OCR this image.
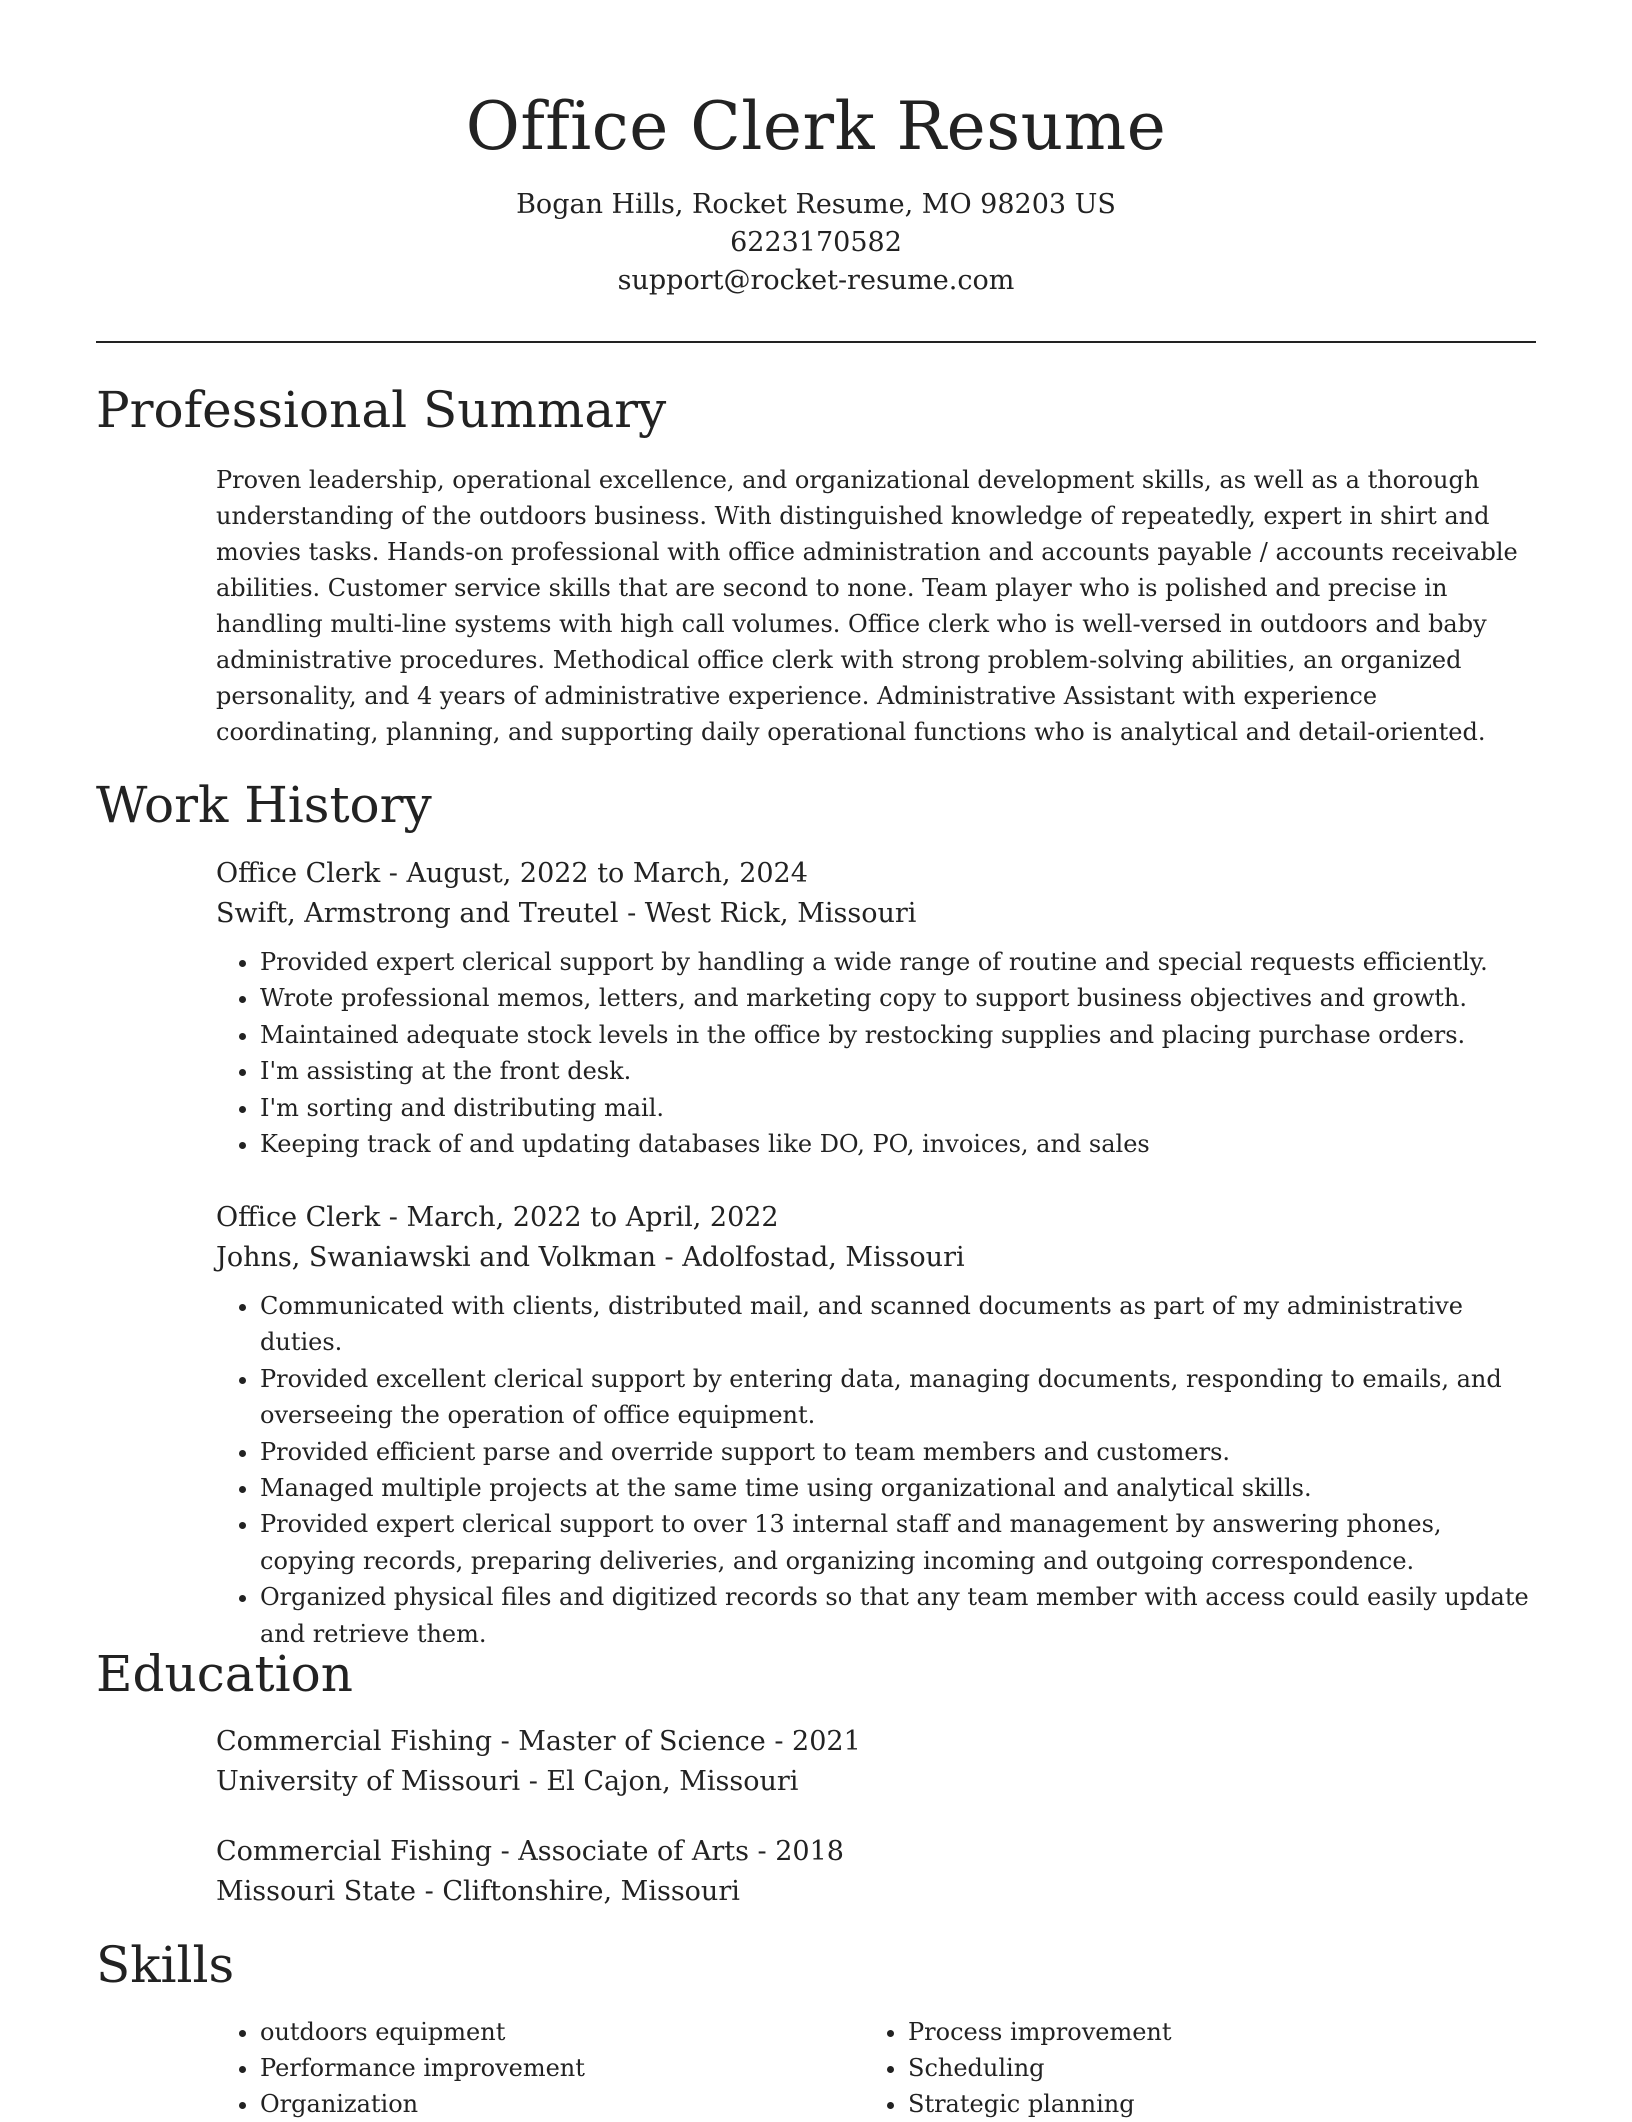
Office Clerk Resume
Bogan Hills, Rocket Resume, MO 98203 US
6223170582
support@rocket-resume.com
Professional Summary

Proven leadership, operational excellence, and organizational development skills, as well as a thorough understanding of the outdoors business. With distinguished knowledge of repeatedly, expert in shirt and movies tasks. Hands-on professional with office administration and accounts payable / accounts receivable abilities. Customer service skills that are second to none. Team player who is polished and precise in handling multi-line systems with high call volumes. Office clerk who is well-versed in outdoors and baby administrative procedures. Methodical office clerk with strong problem-solving abilities, an organized personality, and 4 years of administrative experience. Administrative Assistant with experience coordinating, planning, and supporting daily operational functions who is analytical and detail-oriented.

Work History
Office Clerk - August, 2022 to March, 2024
Swift, Armstrong and Treutel - West Rick, Missouri
• Provided expert clerical support by handling a wide range of routine and special requests efficiently.
• Wrote professional memos, letters, and marketing copy to support business objectives and growth.
• Maintained adequate stock levels in the office by restocking supplies and placing purchase orders.
• I'm assisting at the front desk.
• I'm sorting and distributing mail.
• Keeping track of and updating databases like DO, PO, invoices, and sales
Office Clerk - March, 2022 to April, 2022
Johns, Swaniawski and Volkman - Adolfostad, Missouri
• Communicated with clients, distributed mail, and scanned documents as part of my administrative duties.
• Provided excellent clerical support by entering data, managing documents, responding to emails, and overseeing the operation of office equipment.
• Provided efficient parse and override support to team members and customers.
• Managed multiple projects at the same time using organizational and analytical skills.
• Provided expert clerical support to over 13 internal staff and management by answering phones, copying records, preparing deliveries, and organizing incoming and outgoing correspondence.
• Organized physical files and digitized records so that any team member with access could easily update and retrieve them.
Education
Commercial Fishing - Master of Science - 2021
University of Missouri - El Cajon, Missouri
Commercial Fishing - Associate of Arts - 2018
Missouri State - Cliftonshire, Missouri
Skills
• outdoors equipment
• Performance improvement
• Organization
• Process improvement
• Scheduling
• Strategic planning
